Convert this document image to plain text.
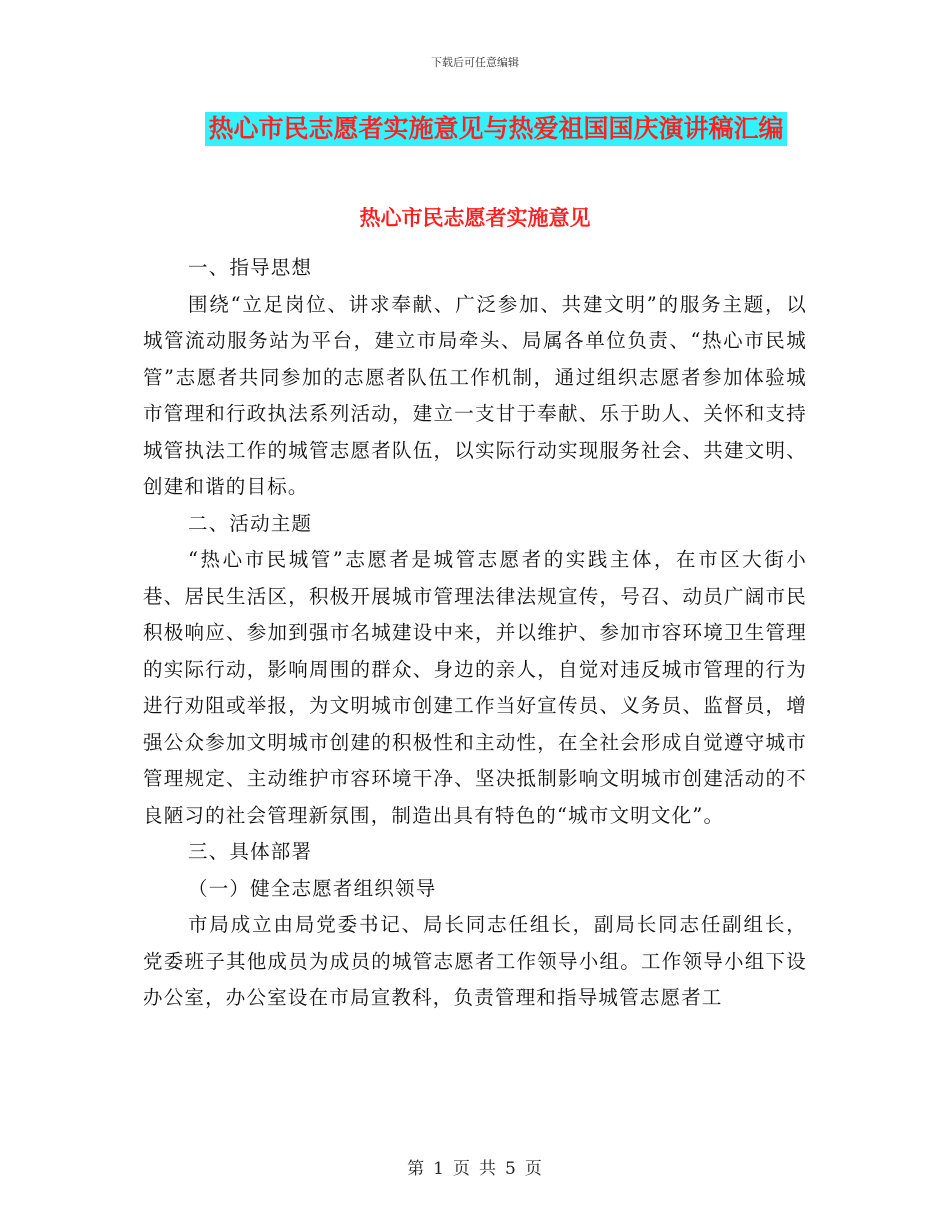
下载后可任意编辑
热心市民志愿者实施意见与热爱祖国国庆演讲稿汇编
热心市民志愿者实施意见

一、指导思想

围绕“立足岗位、讲求奉献、广泛参加、共建文明”的服务主题，以城管流动服务站为平台，建立市局牵头、局属各单位负责、“热心市民城管”志愿者共同参加的志愿者队伍工作机制，通过组织志愿者参加体验城市管理和行政执法系列活动，建立一支甘于奉献、乐于助人、关怀和支持城管执法工作的城管志愿者队伍，以实际行动实现服务社会、共建文明、创建和谐的目标。

二、活动主题

“热心市民城管”志愿者是城管志愿者的实践主体，在市区大街小巷、居民生活区，积极开展城市管理法律法规宣传，号召、动员广阔市民积极响应、参加到强市名城建设中来，并以维护、参加市容环境卫生管理的实际行动，影响周围的群众、身边的亲人，自觉对违反城市管理的行为进行劝阻或举报，为文明城市创建工作当好宣传员、义务员、监督员，增强公众参加文明城市创建的积极性和主动性，在全社会形成自觉遵守城市管理规定、主动维护市容环境干净、坚决抵制影响文明城市创建活动的不良陋习的社会管理新氛围，制造出具有特色的“城市文明文化”。

三、具体部署

（一）健全志愿者组织领导

市局成立由局党委书记、局长同志任组长，副局长同志任副组长，党委班子其他成员为成员的城管志愿者工作领导小组。工作领导小组下设办公室，办公室设在市局宣教科，负责管理和指导城管志愿者工

第 1 页 共 5 页
